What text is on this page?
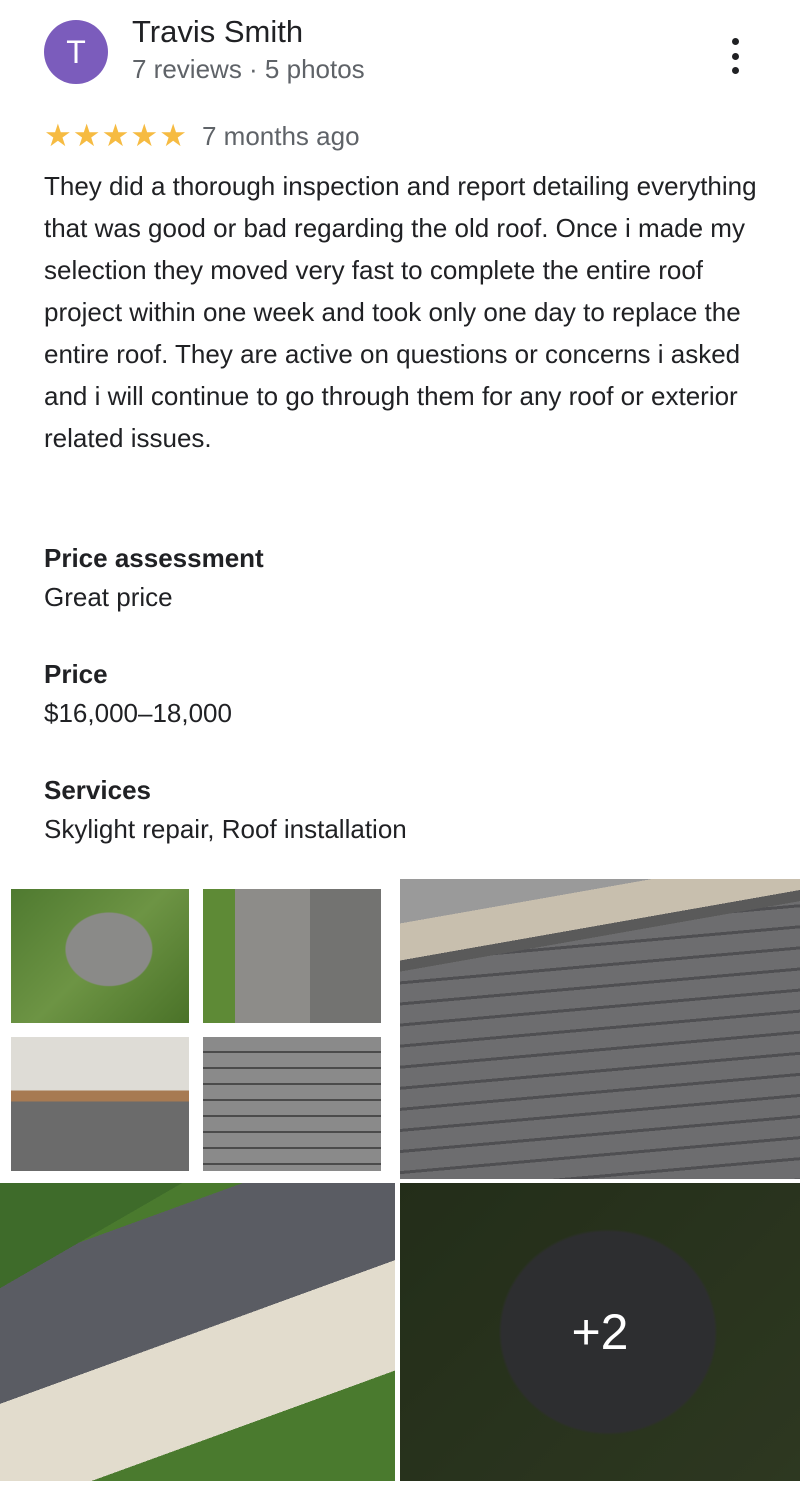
T
Travis Smith
7 reviews · 5 photos
★ ★ ★ ★ ★ 7 months ago

They did a thorough inspection and report detailing everything that was good or bad regarding the old roof. Once i made my selection they moved very fast to complete the entire roof project within one week and took only one day to replace the entire roof. They are active on questions or concerns i asked and i will continue to go through them for any roof or exterior related issues.

Price assessment
Great price
Price
$16,000–18,000
Services
Skylight repair, Roof installation
+2
